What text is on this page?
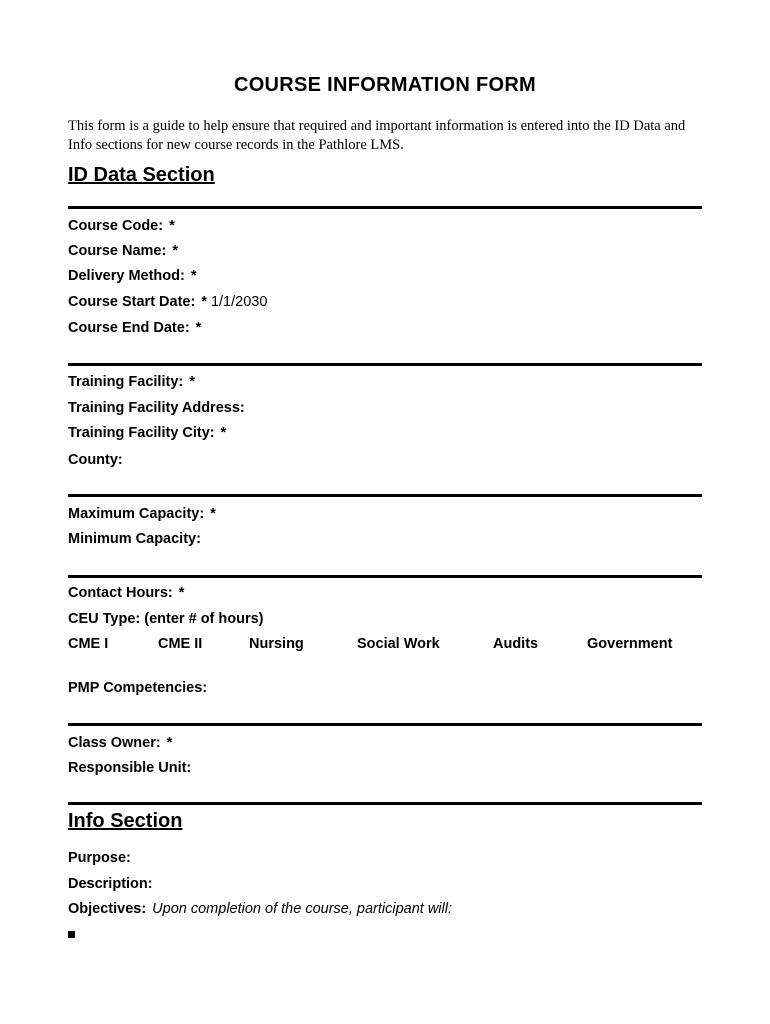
COURSE INFORMATION FORM
This form is a guide to help ensure that required and important information is entered into the ID Data and Info sections for new course records in the Pathlore LMS.
ID Data Section
Course Code: *
Course Name: *
Delivery Method: *
Course Start Date: * 1/1/2030
Course End Date: *
Training Facility: *
Training Facility Address:
Training Facility City: *
County:
Maximum Capacity: *
Minimum Capacity:
Contact Hours: *
CEU Type: (enter # of hours)
CME I	CME II	Nursing	Social Work	Audits	Government
PMP Competencies:
Class Owner: *
Responsible Unit:
Info Section
Purpose:
Description:
Objectives: Upon completion of the course, participant will:
